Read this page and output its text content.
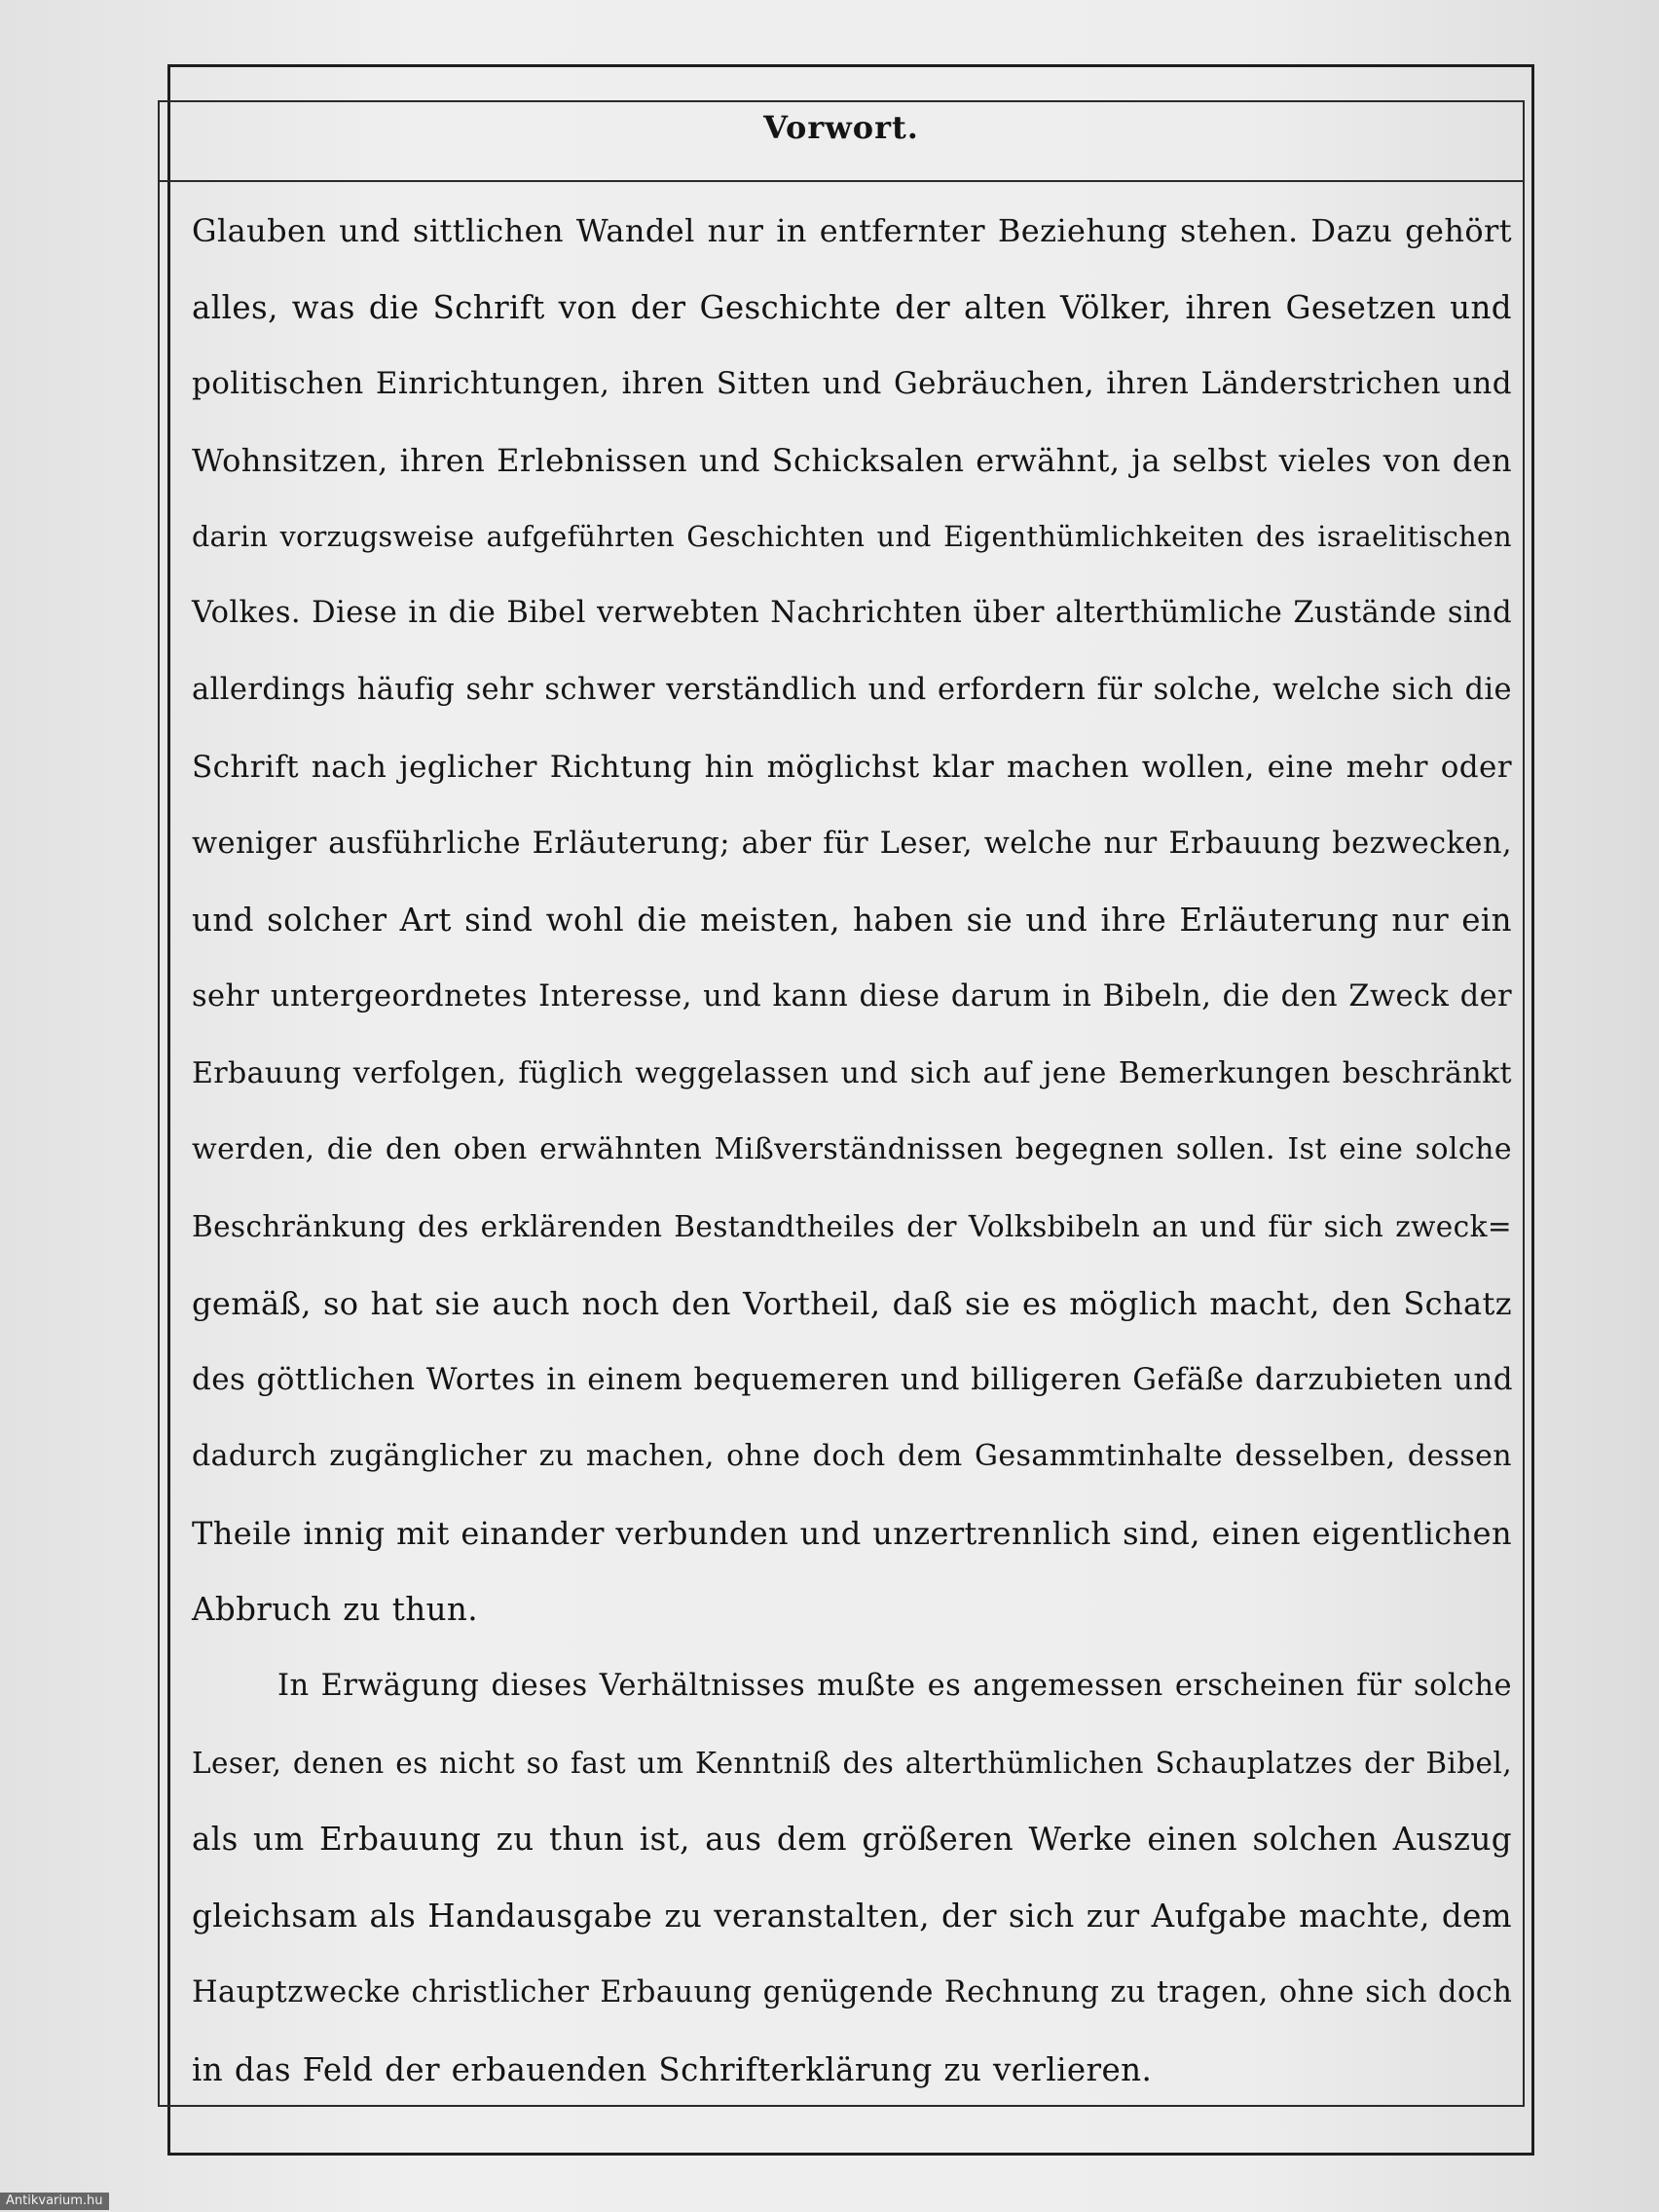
Vorwort.
Glauben und sittlichen Wandel nur in entfernter Beziehung stehen. Dazu gehört
alles, was die Schrift von der Geschichte der alten Völker, ihren Gesetzen und
politischen Einrichtungen, ihren Sitten und Gebräuchen, ihren Länderstrichen und
Wohnsitzen, ihren Erlebnissen und Schicksalen erwähnt, ja selbst vieles von den
darin vorzugsweise aufgeführten Geschichten und Eigenthümlichkeiten des israelitischen
Volkes. Diese in die Bibel verwebten Nachrichten über alterthümliche Zustände sind
allerdings häufig sehr schwer verständlich und erfordern für solche, welche sich die
Schrift nach jeglicher Richtung hin möglichst klar machen wollen, eine mehr oder
weniger ausführliche Erläuterung; aber für Leser, welche nur Erbauung bezwecken,
und solcher Art sind wohl die meisten, haben sie und ihre Erläuterung nur ein
sehr untergeordnetes Interesse, und kann diese darum in Bibeln, die den Zweck der
Erbauung verfolgen, füglich weggelassen und sich auf jene Bemerkungen beschränkt
werden, die den oben erwähnten Mißverständnissen begegnen sollen. Ist eine solche
Beschränkung des erklärenden Bestandtheiles der Volksbibeln an und für sich zweck=
gemäß, so hat sie auch noch den Vortheil, daß sie es möglich macht, den Schatz
des göttlichen Wortes in einem bequemeren und billigeren Gefäße darzubieten und
dadurch zugänglicher zu machen, ohne doch dem Gesammtinhalte desselben, dessen
Theile innig mit einander verbunden und unzertrennlich sind, einen eigentlichen
Abbruch zu thun.
In Erwägung dieses Verhältnisses mußte es angemessen erscheinen für solche
Leser, denen es nicht so fast um Kenntniß des alterthümlichen Schauplatzes der Bibel,
als um Erbauung zu thun ist, aus dem größeren Werke einen solchen Auszug
gleichsam als Handausgabe zu veranstalten, der sich zur Aufgabe machte, dem
Hauptzwecke christlicher Erbauung genügende Rechnung zu tragen, ohne sich doch
in das Feld der erbauenden Schrifterklärung zu verlieren.
Antikvarium.hu
